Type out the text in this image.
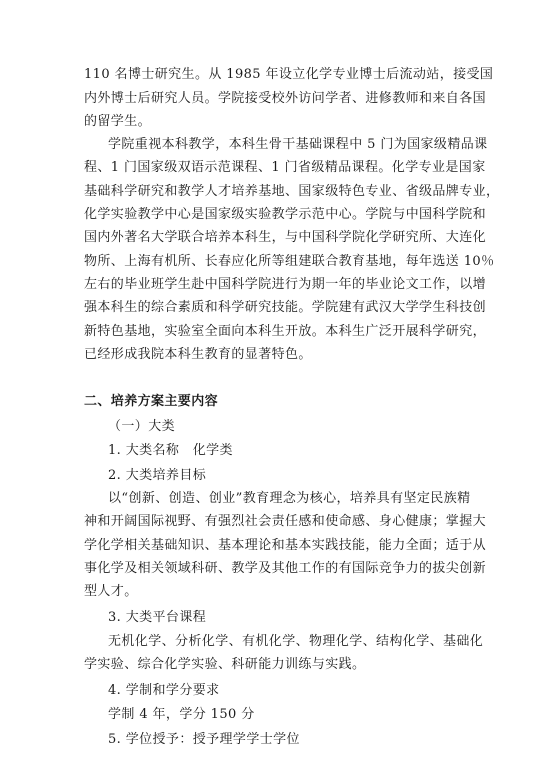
110 名博士研究生。从 1985 年设立化学专业博士后流动站，接受国
内外博士后研究人员。学院接受校外访问学者、进修教师和来自各国
的留学生。
学院重视本科教学，本科生骨干基础课程中 5 门为国家级精品课
程、1 门国家级双语示范课程、1 门省级精品课程。化学专业是国家
基础科学研究和教学人才培养基地、国家级特色专业、省级品牌专业，
化学实验教学中心是国家级实验教学示范中心。学院与中国科学院和
国内外著名大学联合培养本科生，与中国科学院化学研究所、大连化
物所、上海有机所、长春应化所等组建联合教育基地，每年选送 10％
左右的毕业班学生赴中国科学院进行为期一年的毕业论文工作，以增
强本科生的综合素质和科学研究技能。学院建有武汉大学学生科技创
新特色基地，实验室全面向本科生开放。本科生广泛开展科学研究，
已经形成我院本科生教育的显著特色。
二、培养方案主要内容
（一）大类
1. 大类名称　化学类
2. 大类培养目标
以“创新、创造、创业”教育理念为核心，培养具有坚定民族精
神和开阔国际视野、有强烈社会责任感和使命感、身心健康；掌握大
学化学相关基础知识、基本理论和基本实践技能，能力全面；适于从
事化学及相关领域科研、教学及其他工作的有国际竞争力的拔尖创新
型人才。
3. 大类平台课程
无机化学、分析化学、有机化学、物理化学、结构化学、基础化
学实验、综合化学实验、科研能力训练与实践。
4. 学制和学分要求
学制 4 年，学分 150 分
5. 学位授予：授予理学学士学位
